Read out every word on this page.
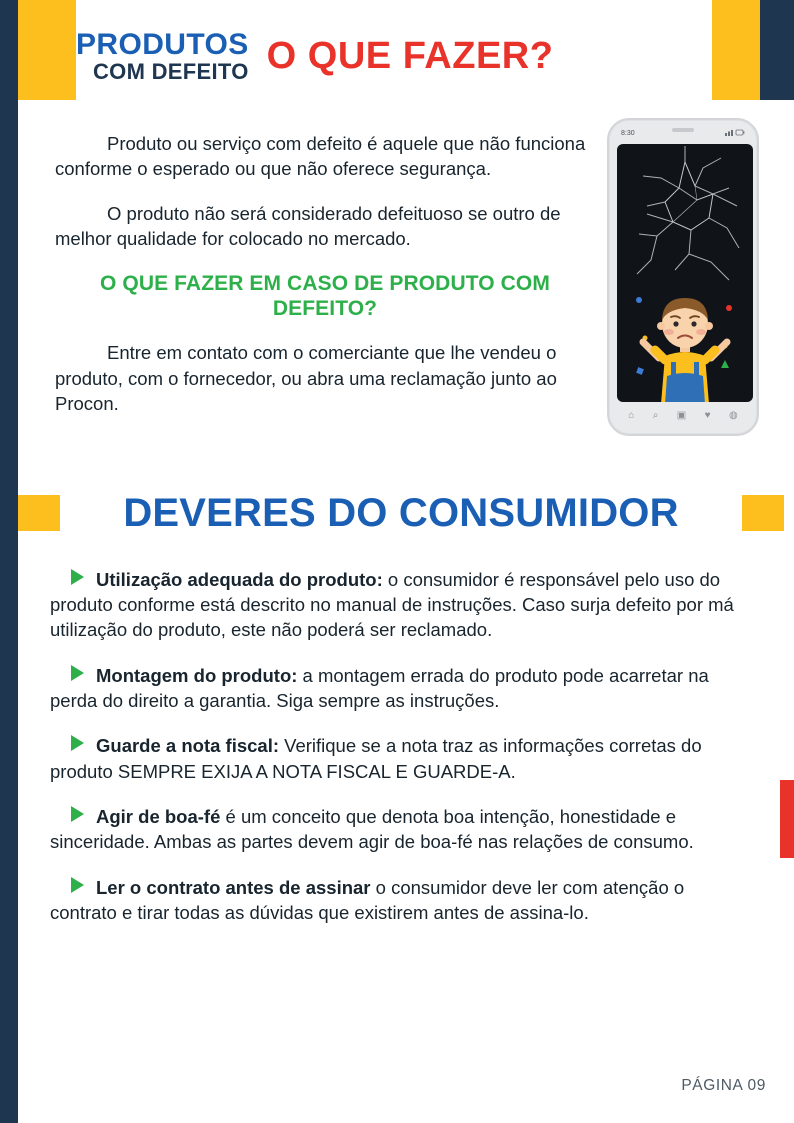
PRODUTOS
COM DEFEITO O QUE FAZER?

Produto ou serviço com defeito é aquele que não funciona conforme o esperado ou que não oferece segurança.

O produto não será considerado defeituoso se outro de melhor qualidade for colocado no mercado.

O QUE FAZER EM CASO DE PRODUTO COM DEFEITO?

Entre em contato com o comerciante que lhe vendeu o produto, com o fornecedor, ou abra uma reclamação junto ao Procon.

8:30
⌂ ⌕ ▣ ♥ ◍
DEVERES DO CONSUMIDOR

Utilização adequada do produto: o consumidor é responsável pelo uso do produto conforme está descrito no manual de instruções. Caso surja defeito por má utilização do produto, este não poderá ser reclamado.

Montagem do produto: a montagem errada do produto pode acarretar na perda do direito a garantia. Siga sempre as instruções.

Guarde a nota fiscal: Verifique se a nota traz as informações corretas do produto SEMPRE EXIJA A NOTA FISCAL E GUARDE-A.

Agir de boa-fé é um conceito que denota boa intenção, honestidade e sinceridade. Ambas as partes devem agir de boa-fé nas relações de consumo.

Ler o contrato antes de assinar o consumidor deve ler com atenção o contrato e tirar todas as dúvidas que existirem antes de assina-lo.

PÁGINA 09
